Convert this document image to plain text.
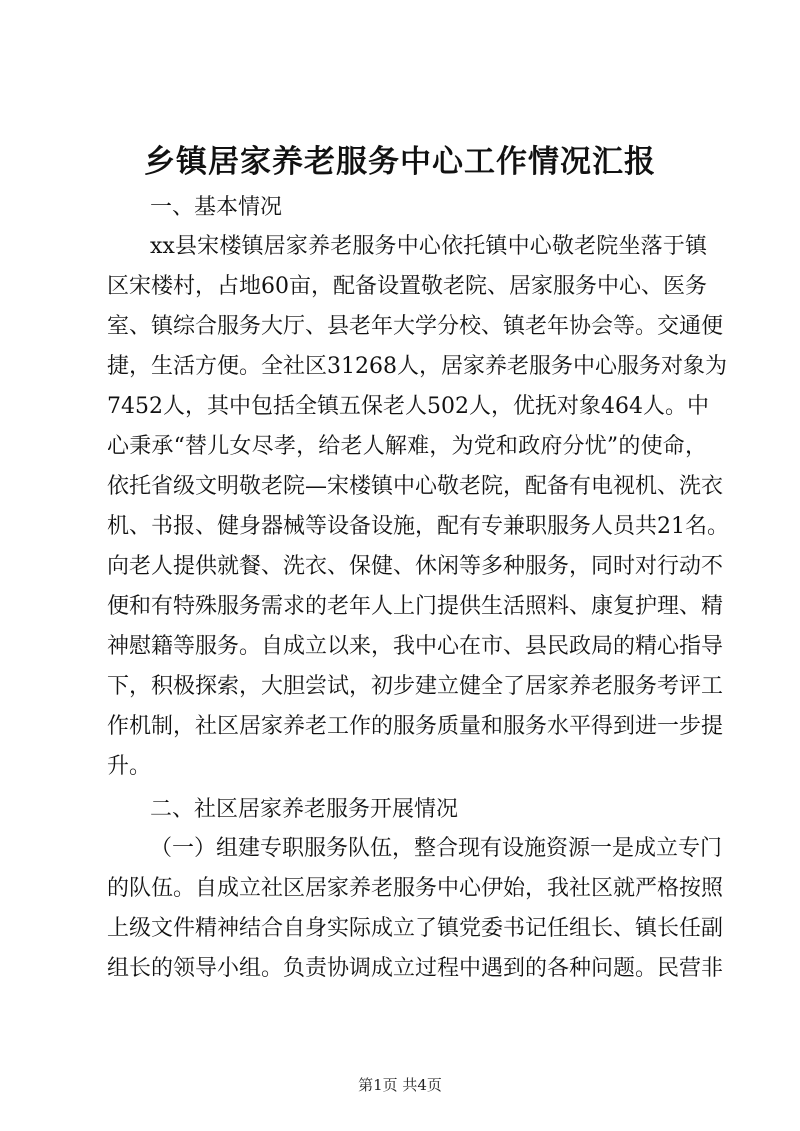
乡镇居家养老服务中心工作情况汇报
一、基本情况
xx县宋楼镇居家养老服务中心依托镇中心敬老院坐落于镇
区宋楼村，占地60亩，配备设置敬老院、居家服务中心、医务
室、镇综合服务大厅、县老年大学分校、镇老年协会等。交通便
捷，生活方便。全社区31268人，居家养老服务中心服务对象为
7452人，其中包括全镇五保老人502人，优抚对象464人。中
心秉承“替儿女尽孝，给老人解难，为党和政府分忧”的使命，
依托省级文明敬老院—宋楼镇中心敬老院，配备有电视机、洗衣
机、书报、健身器械等设备设施，配有专兼职服务人员共21名。
向老人提供就餐、洗衣、保健、休闲等多种服务，同时对行动不
便和有特殊服务需求的老年人上门提供生活照料、康复护理、精
神慰籍等服务。自成立以来，我中心在市、县民政局的精心指导
下，积极探索，大胆尝试，初步建立健全了居家养老服务考评工
作机制，社区居家养老工作的服务质量和服务水平得到进一步提
升。
二、社区居家养老服务开展情况
（一）组建专职服务队伍，整合现有设施资源一是成立专门
的队伍。自成立社区居家养老服务中心伊始，我社区就严格按照
上级文件精神结合自身实际成立了镇党委书记任组长、镇长任副
组长的领导小组。负责协调成立过程中遇到的各种问题。民营非
第1页 共4页
